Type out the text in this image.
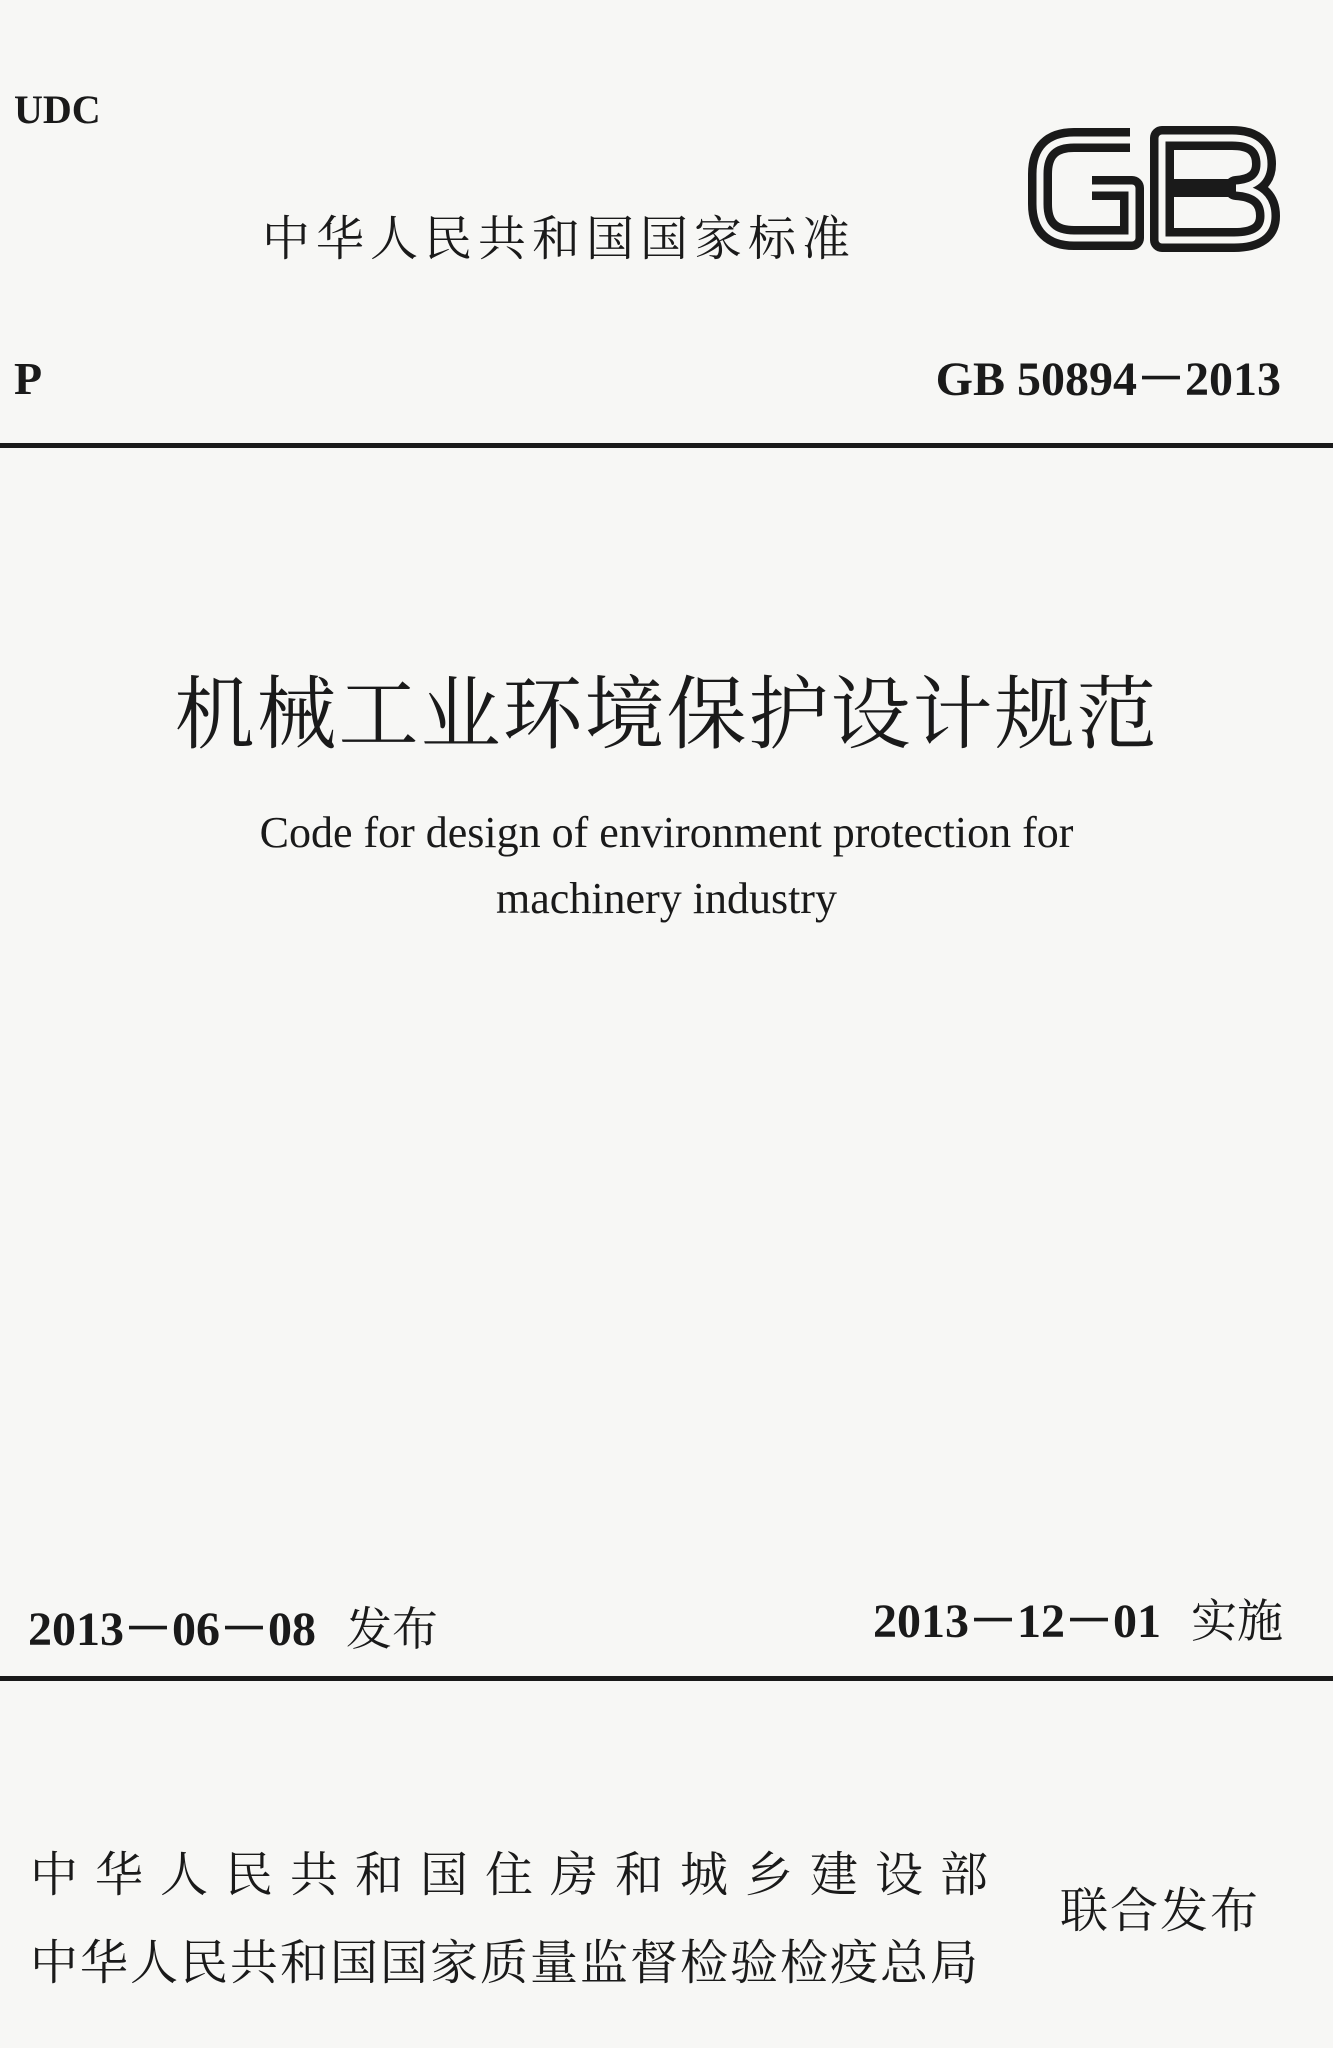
UDC
中华人民共和国国家标准
P	GB 50894－2013
机械工业环境保护设计规范
Code for design of environment protection for
machinery industry
2013－06－08 发布	2013－12－01 实施
中华人民共和国住房和城乡建设部
中华人民共和国国家质量监督检验检疫总局
联合发布
